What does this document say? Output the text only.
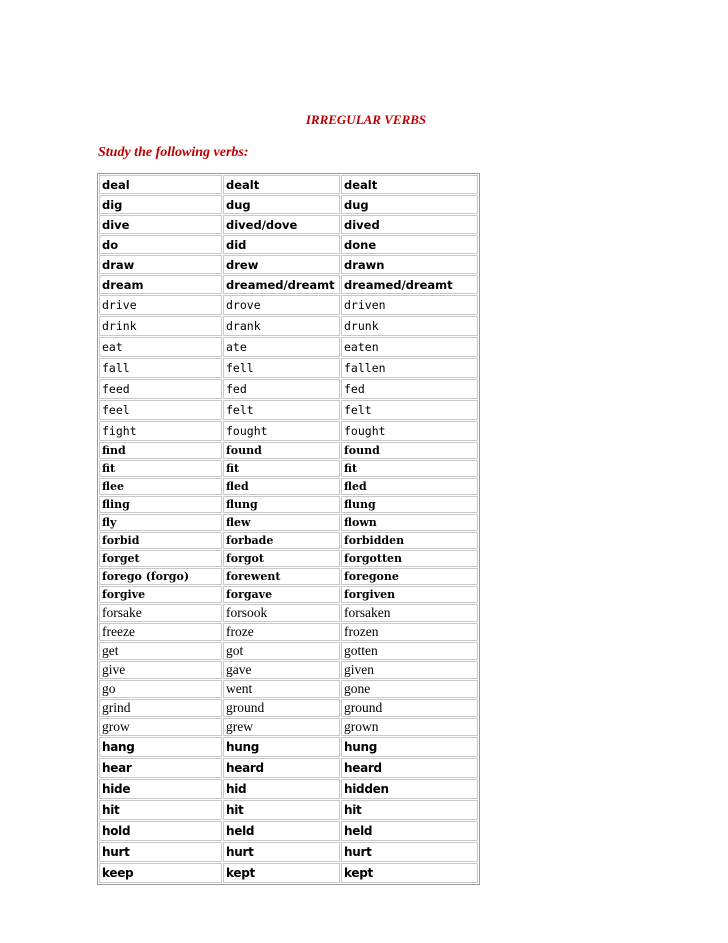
IRREGULAR VERBS

Study the following verbs:

deal	dealt	dealt
dig	dug	dug
dive	dived/dove	dived
do	did	done
draw	drew	drawn
dream	dreamed/dreamt	dreamed/dreamt
drive	drove	driven
drink	drank	drunk
eat	ate	eaten
fall	fell	fallen
feed	fed	fed
feel	felt	felt
fight	fought	fought
find	found	found
fit	fit	fit
flee	fled	fled
fling	flung	flung
fly	flew	flown
forbid	forbade	forbidden
forget	forgot	forgotten
forego (forgo)	forewent	foregone
forgive	forgave	forgiven
forsake	forsook	forsaken
freeze	froze	frozen
get	got	gotten
give	gave	given
go	went	gone
grind	ground	ground
grow	grew	grown
hang	hung	hung
hear	heard	heard
hide	hid	hidden
hit	hit	hit
hold	held	held
hurt	hurt	hurt
keep	kept	kept
